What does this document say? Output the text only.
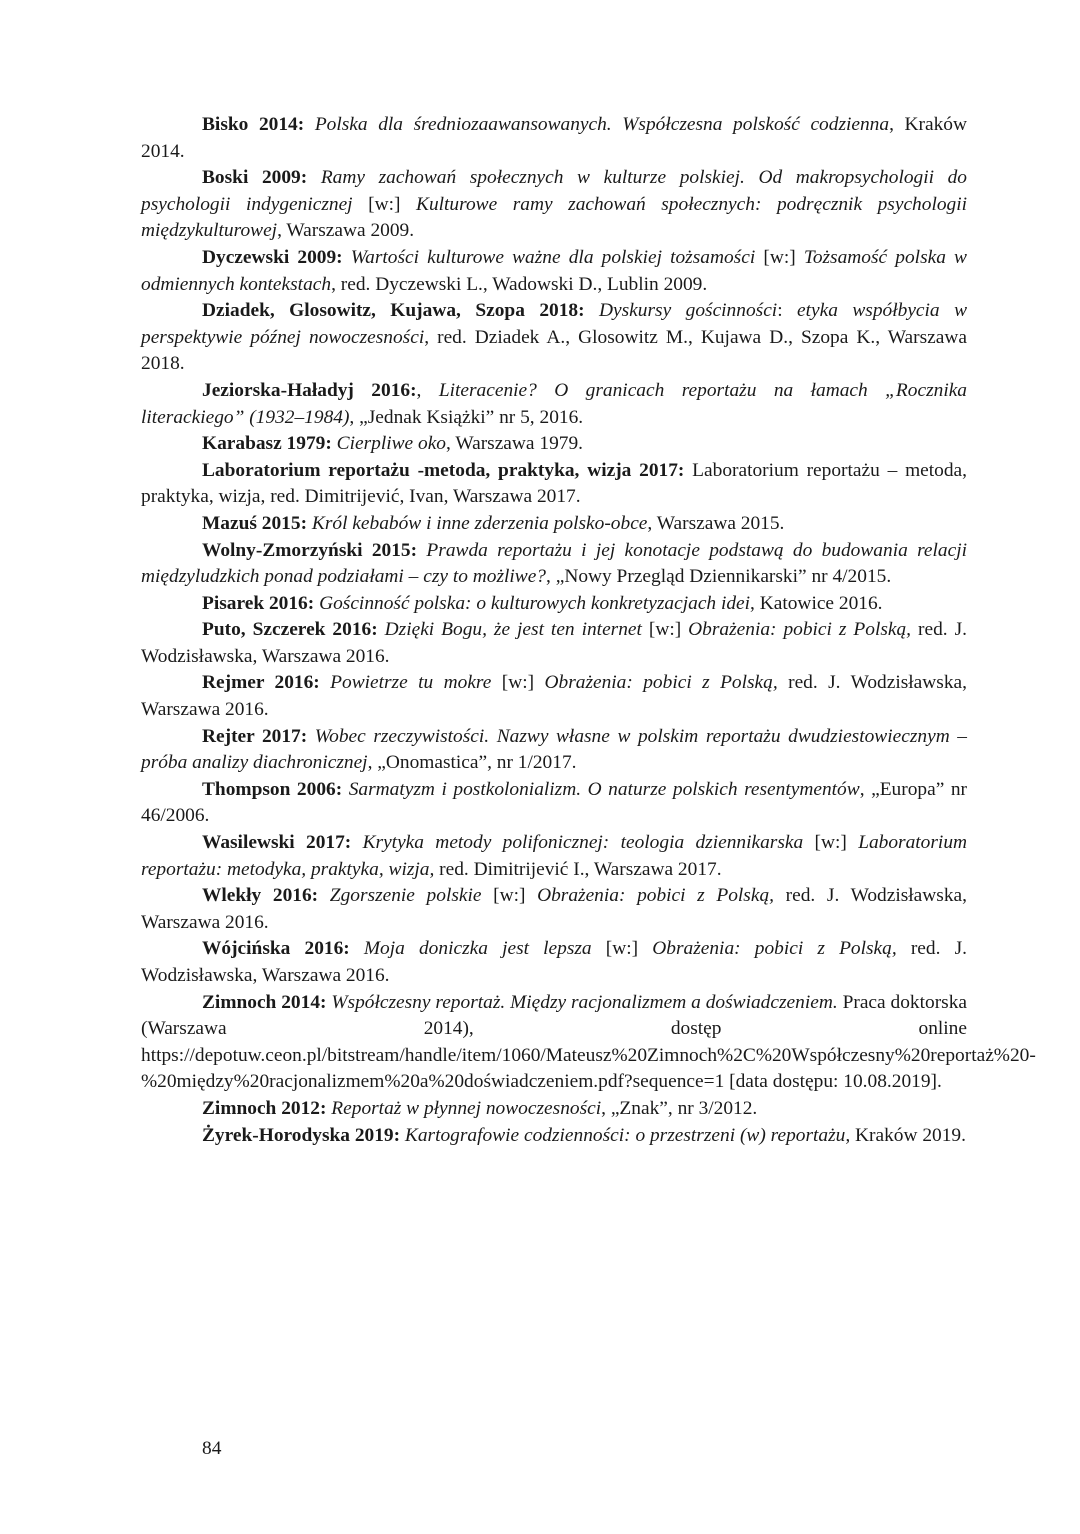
Bisko 2014: Polska dla średniozaawansowanych. Współczesna polskość codzienna, Kraków 2014.

Boski 2009: Ramy zachowań społecznych w kulturze polskiej. Od makropsychologii do psychologii indygenicznej [w:] Kulturowe ramy zachowań społecznych: podręcznik psychologii międzykulturowej, Warszawa 2009.

Dyczewski 2009: Wartości kulturowe ważne dla polskiej tożsamości [w:] Tożsamość polska w odmiennych kontekstach, red. Dyczewski L., Wadowski D., Lublin 2009.

Dziadek, Glosowitz, Kujawa, Szopa 2018: Dyskursy gościnności: etyka współbycia w perspektywie późnej nowoczesności, red. Dziadek A., Glosowitz M., Kujawa D., Szopa K., Warszawa 2018.

Jeziorska-Haładyj 2016:, Literacenie? O granicach reportażu na łamach „Rocznika literackiego” (1932–1984), „Jednak Książki” nr 5, 2016.

Karabasz 1979: Cierpliwe oko, Warszawa 1979.

Laboratorium reportażu -metoda, praktyka, wizja 2017: Laboratorium reportażu – metoda, praktyka, wizja, red. Dimitrijević, Ivan, Warszawa 2017.

Mazuś 2015: Król kebabów i inne zderzenia polsko-obce, Warszawa 2015.

Wolny-Zmorzyński 2015: Prawda reportażu i jej konotacje podstawą do budowania relacji międzyludzkich ponad podziałami – czy to możliwe?, „Nowy Przegląd Dziennikarski” nr 4/2015.

Pisarek 2016: Gościnność polska: o kulturowych konkretyzacjach idei, Katowice 2016.

Puto, Szczerek 2016: Dzięki Bogu, że jest ten internet [w:] Obrażenia: pobici z Polską, red. J. Wodzisławska, Warszawa 2016.

Rejmer 2016: Powietrze tu mokre [w:] Obrażenia: pobici z Polską, red. J. Wodzisławska, Warszawa 2016.

Rejter 2017: Wobec rzeczywistości. Nazwy własne w polskim reportażu dwudziestowiecznym – próba analizy diachronicznej, „Onomastica”, nr 1/2017.

Thompson 2006: Sarmatyzm i postkolonializm. O naturze polskich resentymentów, „Europa” nr 46/2006.

Wasilewski 2017: Krytyka metody polifonicznej: teologia dziennikarska [w:] Laboratorium reportażu: metodyka, praktyka, wizja, red. Dimitrijević I., Warszawa 2017.

Wlekły 2016: Zgorszenie polskie [w:] Obrażenia: pobici z Polską, red. J. Wodzisławska, Warszawa 2016.

Wójcińska 2016: Moja doniczka jest lepsza [w:] Obrażenia: pobici z Polską, red. J. Wodzisławska, Warszawa 2016.

Zimnoch 2014: Współczesny reportaż. Między racjonalizmem a doświadczeniem. Praca doktorska (Warszawa 2014), dostęp online https://depotuw.ceon.pl/bitstream/handle/item/1060/Mateusz%20Zimnoch%2C%20Współczesny%20reportaż%20-%20między%20racjonalizmem%20a%20doświadczeniem.pdf?sequence=1 [data dostępu: 10.08.2019].

Zimnoch 2012: Reportaż w płynnej nowoczesności, „Znak”, nr 3/2012.

Żyrek-Horodyska 2019: Kartografowie codzienności: o przestrzeni (w) reportażu, Kraków 2019.

84
